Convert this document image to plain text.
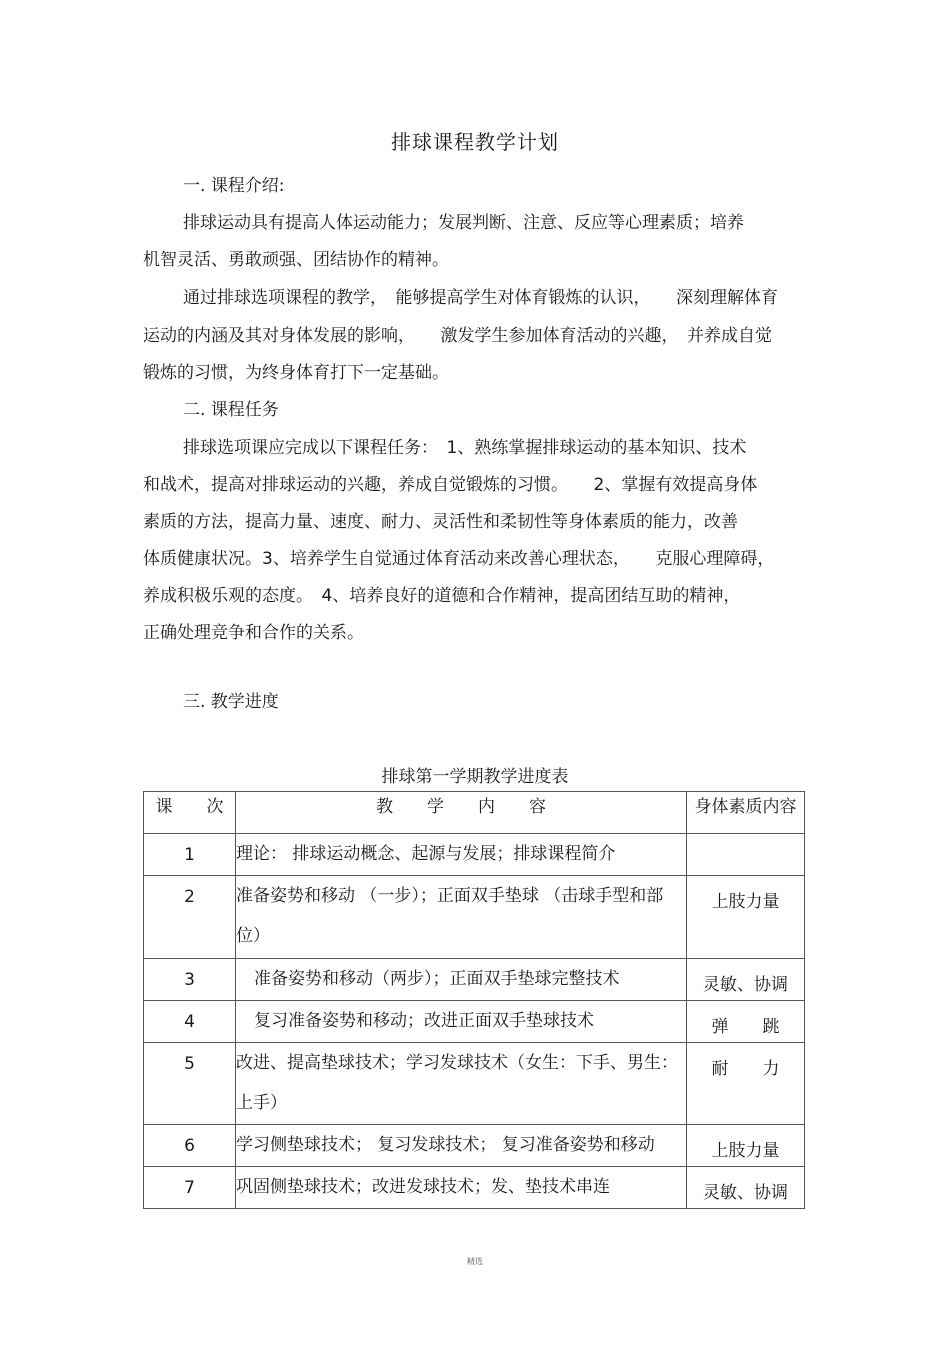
排球课程教学计划
一. 课程介绍:
排球运动具有提高人体运动能力；发展判断、注意、反应等心理素质；培养
机智灵活、勇敢顽强、团结协作的精神。
通过排球选项课程的教学，　能够提高学生对体育锻炼的认识，　　深刻理解体育
运动的内涵及其对身体发展的影响，　　激发学生参加体育活动的兴趣，　并养成自觉
锻炼的习惯，为终身体育打下一定基础。
二. 课程任务
排球选项课应完成以下课程任务：　1、熟练掌握排球运动的基本知识、技术
和战术，提高对排球运动的兴趣，养成自觉锻炼的习惯。　　2、掌握有效提高身体
素质的方法，提高力量、速度、耐力、灵活性和柔韧性等身体素质的能力，改善
体质健康状况。3、培养学生自觉通过体育活动来改善心理状态，　　克服心理障碍，
养成积极乐观的态度。　4、培养良好的道德和合作精神，提高团结互助的精神，
正确处理竞争和合作的关系。
三. 教学进度
排球第一学期教学进度表
课　　次	教　　学　　内　　容	身体素质内容
1	理论： 排球运动概念、起源与发展；排球课程简介	
2	准备姿势和移动 （一步）；正面双手垫球 （击球手型和部位）	上肢力量
3	准备姿势和移动（两步）；正面双手垫球完整技术	灵敏、协调
4	复习准备姿势和移动；改进正面双手垫球技术	弹　　跳
5	改进、提高垫球技术；学习发球技术（女生：下手、男生：上手）	耐　　力
6	学习侧垫球技术； 复习发球技术； 复习准备姿势和移动	上肢力量
7	巩固侧垫球技术；改进发球技术；发、垫技术串连	灵敏、协调
精选
